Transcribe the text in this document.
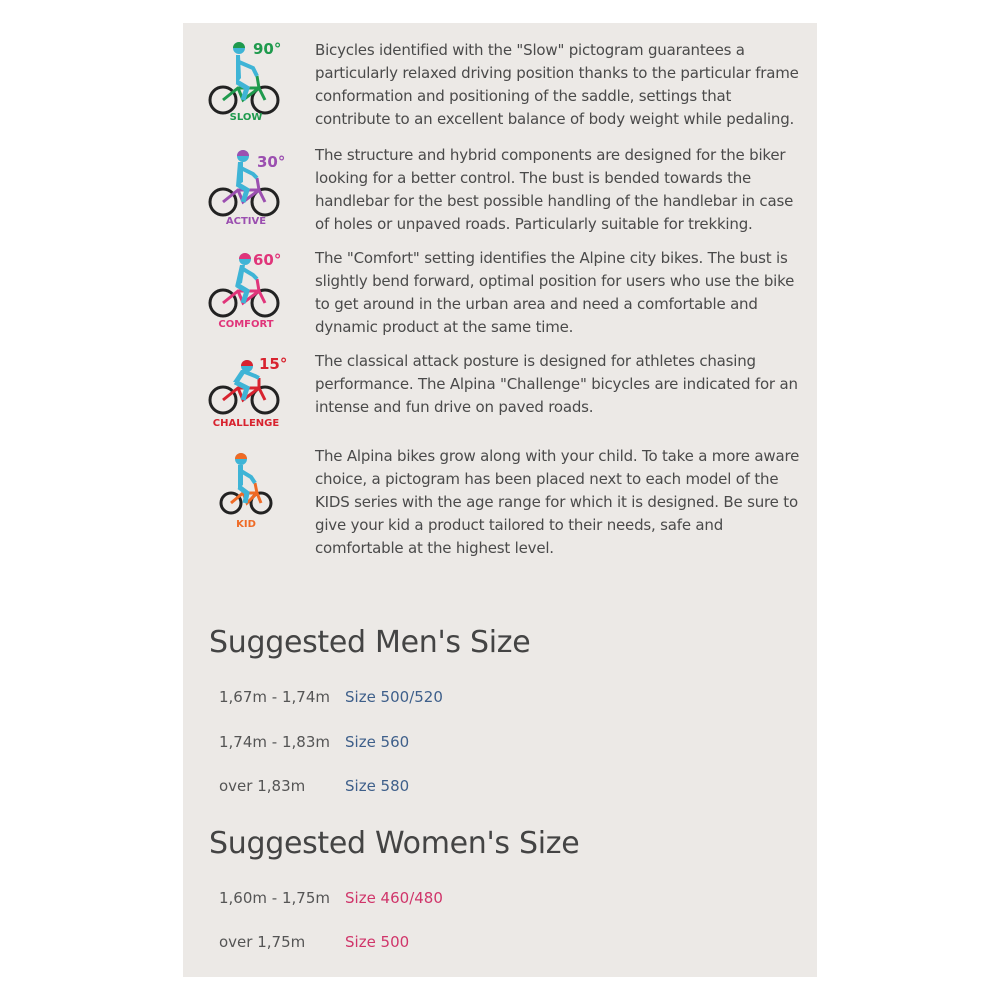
90°
SLOW

Bicycles identified with the "Slow" pictogram guarantees a particularly relaxed driving position thanks to the particular frame conformation and positioning of the saddle, settings that contribute to an excellent balance of body weight while pedaling.

30°
ACTIVE

The structure and hybrid components are designed for the biker looking for a better control. The bust is bended towards the handlebar for the best possible handling of the handlebar in case of holes or unpaved roads. Particularly suitable for trekking.

60°
COMFORT

The "Comfort" setting identifies the Alpine city bikes. The bust is slightly bend forward, optimal position for users who use the bike to get around in the urban area and need a comfortable and dynamic product at the same time.

15°
CHALLENGE

The classical attack posture is designed for athletes chasing performance. The Alpina "Challenge" bicycles are indicated for an intense and fun drive on paved roads.

KID

The Alpina bikes grow along with your child. To take a more aware choice, a pictogram has been placed next to each model of the KIDS series with the age range for which it is designed. Be sure to give your kid a product tailored to their needs, safe and comfortable at the highest level.

Suggested Men's Size
1,67m - 1,74m Size 500/520
1,74m - 1,83m Size 560
over 1,83m	Size 580
Suggested Women's Size
1,60m - 1,75m Size 460/480
over 1,75m	Size 500
